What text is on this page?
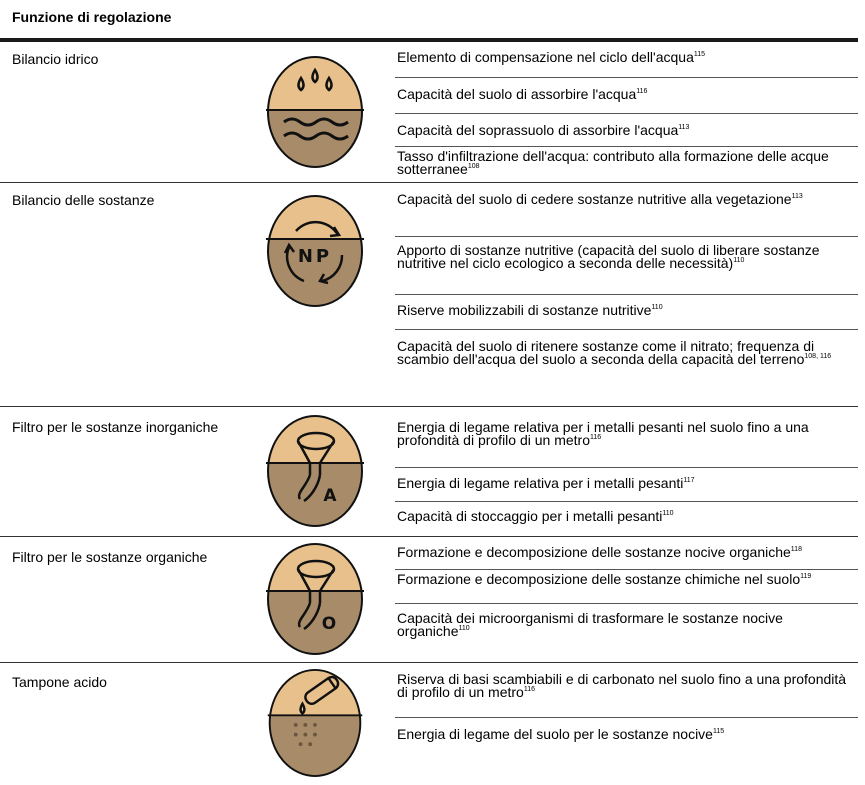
Funzione di regolazione
Bilancio idrico	Elemento di compensazione nel ciclo dell'acqua$^{115}$
Capacità del suolo di assorbire l'acqua$^{116}$
Capacità del soprassuolo di assorbire l'acqua$^{113}$
Tasso d'infiltrazione dell'acqua: contributo alla formazione delle acque sotterranee$^{108}$
Bilancio delle sostanze
NP
Capacità del suolo di cedere sostanze nutritive alla vegetazione$^{113}$
Apporto di sostanze nutritive (capacità del suolo di liberare sostanze nutritive nel ciclo ecologico a seconda delle necessità)$^{110}$
Riserve mobilizzabili di sostanze nutritive$^{110}$
Capacità del suolo di ritenere sostanze come il nitrato; frequenza di scambio dell'acqua del suolo a seconda della capacità del terreno$^{108, 116}$
Filtro per le sostanze inorganiche
A
Energia di legame relativa per i metalli pesanti nel suolo fino a una profondità di profilo di un metro$^{116}$
Energia di legame relativa per i metalli pesanti$^{117}$
Capacità di stoccaggio per i metalli pesanti$^{110}$
Filtro per le sostanze organiche
O
Formazione e decomposizione delle sostanze nocive organiche$^{118}$
Formazione e decomposizione delle sostanze chimiche nel suolo$^{119}$
Capacità dei microorganismi di trasformare le sostanze nocive organiche$^{110}$
Tampone acido	Riserva di basi scambiabili e di carbonato nel suolo fino a una profondità di profilo di un metro$^{116}$
Energia di legame del suolo per le sostanze nocive$^{115}$
